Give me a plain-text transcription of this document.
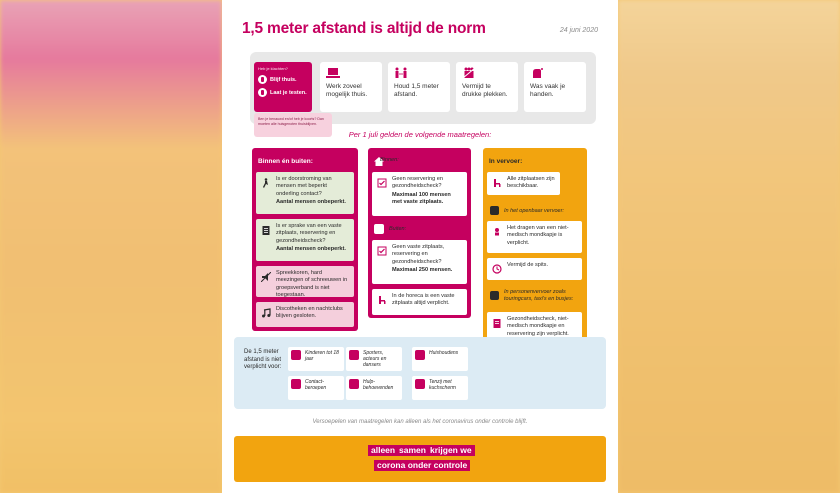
1,5 meter afstand is altijd de norm	24 juni 2020
Heb je klachten?
Blijf thuis.
Laat je testen.
Ben je benauwd en/of heb je koorts? Dan moeten alle huisgenoten thuisblijven.
Werk zoveel mogelijk thuis.
Houd 1,5 meter afstand.
Vermijd te drukke plekken.
Was vaak je handen.
Per 1 juli gelden de volgende maatregelen:
Binnen én buiten:
Is er doorstroming van mensen met beperkt onderling contact?
Aantal mensen onbeperkt.
Is er sprake van een vaste zitplaats, reservering en gezondheidscheck?
Aantal mensen onbeperkt.
Spreekkoren, hard meezingen of schreeuwen in groepsverband is niet toegestaan.
Discotheken en nachtclubs blijven gesloten.
Binnen:
Geen reservering en gezondheidscheck?
Maximaal 100 mensen met vaste zitplaats.
Buiten:
Geen vaste zitplaats, reservering en gezondheidscheck?
Maximaal 250 mensen.
In de horeca is een vaste zitplaats altijd verplicht.
In vervoer:
Alle zitplaatsen zijn beschikbaar.
In het openbaar vervoer:
Het dragen van een niet-medisch mondkapje is verplicht.
Vermijd de spits.
In personenvervoer zoals touringcars, taxi's en busjes:
Gezondheidscheck, niet-medisch mondkapje en reservering zijn verplicht.
De 1,5 meter afstand is niet verplicht voor:
Kinderen tot 18 jaar
Sporters, acteurs en dansers
Huishoudens
Contact-beroepen
Hulp-behoevenden
Tenzij met kuchscherm
Versoepelen van maatregelen kan alleen als het coronavirus onder controle blijft.
alleen samen krijgen we
corona onder controle
